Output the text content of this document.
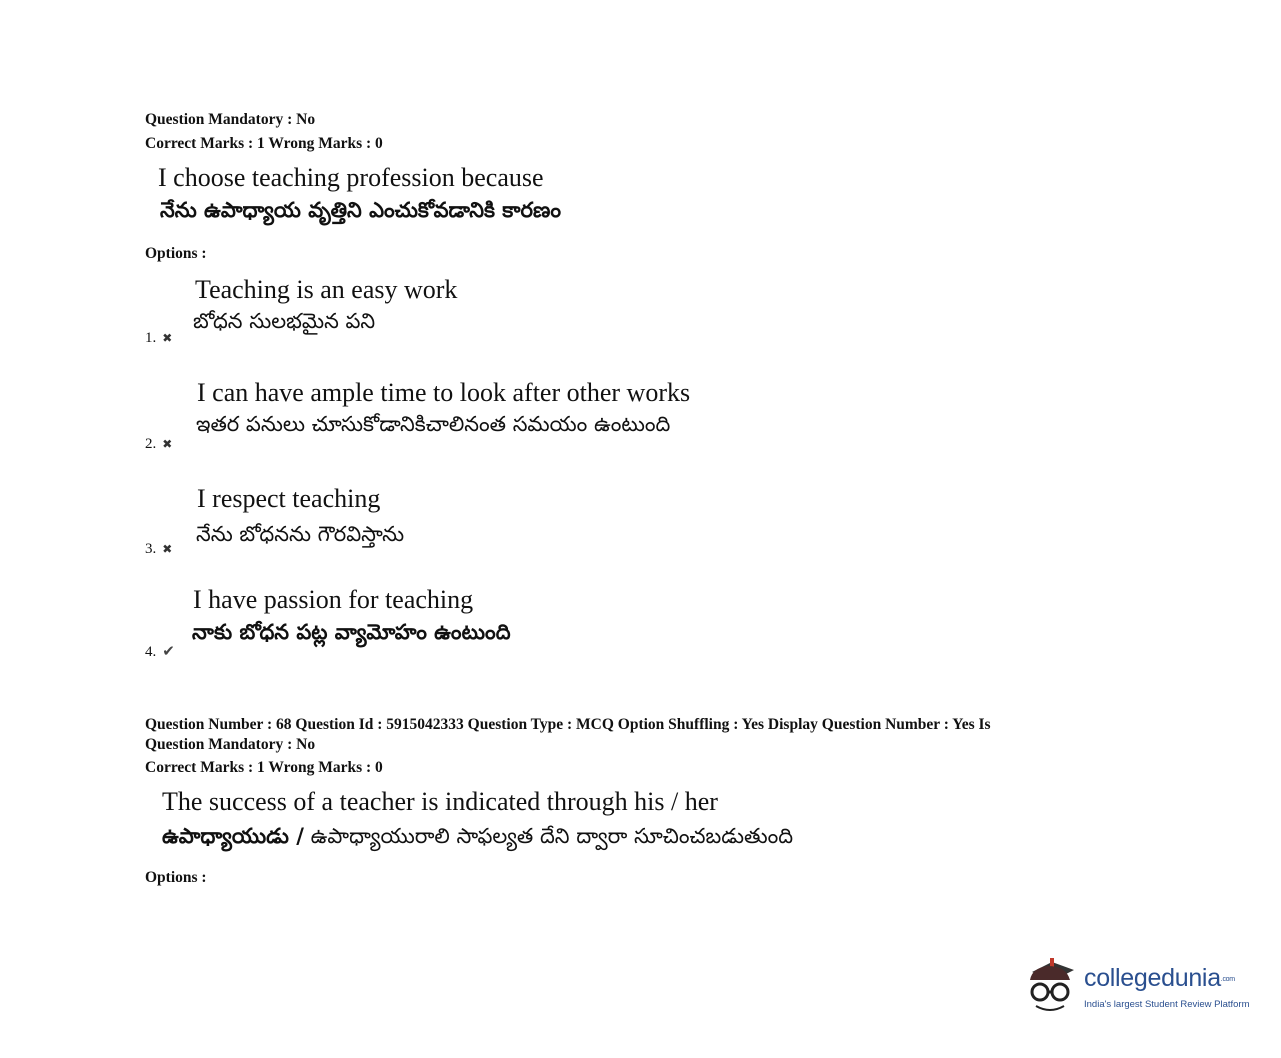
Question Mandatory : No
Correct Marks : 1 Wrong Marks : 0
I choose teaching profession because
నేను ఉపాధ్యాయ వృత్తిని ఎంచుకోవడానికి కారణం
Options :
Teaching is an easy work
బోధన సులభమైన పని
1. ✖
I can have ample time to look after other works
ఇతర పనులు చూసుకోడానికిచాలినంత సమయం ఉంటుంది
2. ✖
I respect teaching
నేను బోధనను గౌరవిస్తాను
3. ✖
I have passion for teaching
నాకు బోధన పట్ల వ్యామోహం ఉంటుంది
4. ✔
Question Number : 68 Question Id : 5915042333 Question Type : MCQ Option Shuffling : Yes Display Question Number : Yes Is
Question Mandatory : No
Correct Marks : 1 Wrong Marks : 0
The success of a teacher is indicated through his / her
ఉపాధ్యాయుడు / ఉపాధ్యాయురాలి సాఫల్యత దేని ద్వారా సూచించబడుతుంది
Options :
collegedunia.com
India's largest Student Review Platform
